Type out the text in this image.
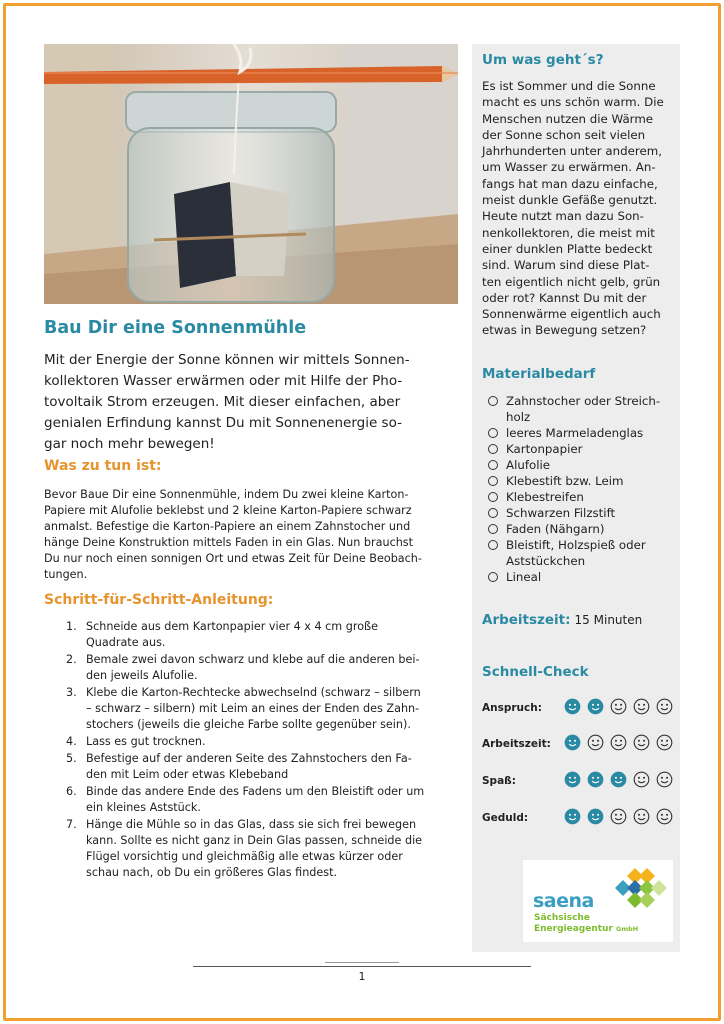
Bau Dir eine Sonnenmühle

Mit der Energie der Sonne können wir mittels Sonnen-
kollektoren Wasser erwärmen oder mit Hilfe der Pho-
tovoltaik Strom erzeugen. Mit dieser einfachen, aber
genialen Erfindung kannst Du mit Sonnenenergie so-
gar noch mehr bewegen!

Was zu tun ist:

Bevor Baue Dir eine Sonnenmühle, indem Du zwei kleine Karton-
Papiere mit Alufolie beklebst und 2 kleine Karton-Papiere schwarz
anmalst. Befestige die Karton-Papiere an einem Zahnstocher und
hänge Deine Konstruktion mittels Faden in ein Glas. Nun brauchst
Du nur noch einen sonnigen Ort und etwas Zeit für Deine Beobach-
tungen.

Schritt-für-Schritt-Anleitung:
1. Schneide aus dem Kartonpapier vier 4 x 4 cm große
Quadrate aus.
2. Bemale zwei davon schwarz und klebe auf die anderen bei-
den jeweils Alufolie.
3. Klebe die Karton-Rechtecke abwechselnd (schwarz – silbern
– schwarz – silbern) mit Leim an eines der Enden des Zahn-
stochers (jeweils die gleiche Farbe sollte gegenüber sein).
4. Lass es gut trocknen.
5. Befestige auf der anderen Seite des Zahnstochers den Fa-
den mit Leim oder etwas Klebeband
6. Binde das andere Ende des Fadens um den Bleistift oder um
ein kleines Aststück.
7. Hänge die Mühle so in das Glas, dass sie sich frei bewegen
kann. Sollte es nicht ganz in Dein Glas passen, schneide die
Flügel vorsichtig und gleichmäßig alle etwas kürzer oder
schau nach, ob Du ein größeres Glas findest.
Um was geht´s?

Es ist Sommer und die Sonne
macht es uns schön warm. Die
Menschen nutzen die Wärme
der Sonne schon seit vielen
Jahrhunderten unter anderem,
um Wasser zu erwärmen. An-
fangs hat man dazu einfache,
meist dunkle Gefäße genutzt.
Heute nutzt man dazu Son-
nenkollektoren, die meist mit
einer dunklen Platte bedeckt
sind. Warum sind diese Plat-
ten eigentlich nicht gelb, grün
oder rot? Kannst Du mit der
Sonnenwärme eigentlich auch
etwas in Bewegung setzen?

Materialbedarf
Zahnstocher oder Streich-
holz
leeres Marmeladenglas
Kartonpapier
Alufolie
Klebestift bzw. Leim
Klebestreifen
Schwarzen Filzstift
Faden (Nähgarn)
Bleistift, Holzspieß oder
Aststückchen
Lineal
Arbeitszeit: 15 Minuten
Schnell-Check
Anspruch:
Arbeitszeit:
Spaß:
Geduld:
saena
Sächsische
Energieagentur GmbH
1
